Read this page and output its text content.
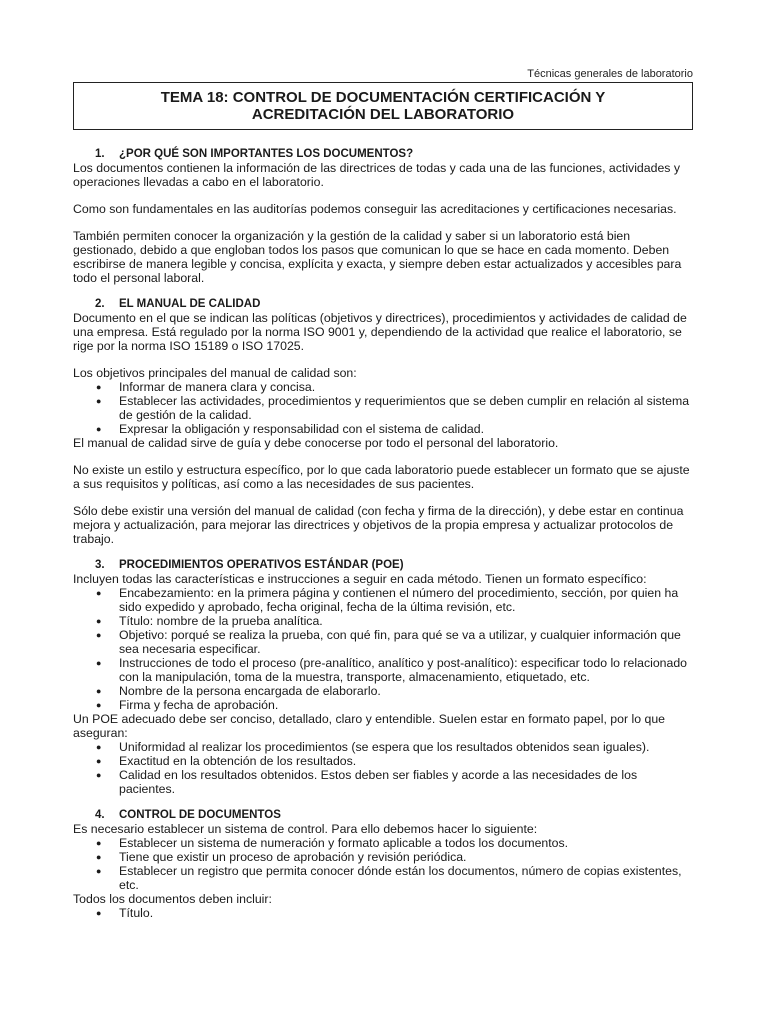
Técnicas generales de laboratorio
TEMA 18: CONTROL DE DOCUMENTACIÓN CERTIFICACIÓN Y
ACREDITACIÓN DEL LABORATORIO
1. ¿POR QUÉ SON IMPORTANTES LOS DOCUMENTOS?

Los documentos contienen la información de las directrices de todas y cada una de las funciones, actividades y operaciones llevadas a cabo en el laboratorio.

Como son fundamentales en las auditorías podemos conseguir las acreditaciones y certificaciones necesarias.

También permiten conocer la organización y la gestión de la calidad y saber si un laboratorio está bien gestionado, debido a que engloban todos los pasos que comunican lo que se hace en cada momento. Deben escribirse de manera legible y concisa, explícita y exacta, y siempre deben estar actualizados y accesibles para todo el personal laboral.

2. EL MANUAL DE CALIDAD

Documento en el que se indican las políticas (objetivos y directrices), procedimientos y actividades de calidad de una empresa. Está regulado por la norma ISO 9001 y, dependiendo de la actividad que realice el laboratorio, se rige por la norma ISO 15189 o ISO 17025.

Los objetivos principales del manual de calidad son:

● Informar de manera clara y concisa.
● Establecer las actividades, procedimientos y requerimientos que se deben cumplir en relación al sistema de gestión de la calidad.
● Expresar la obligación y responsabilidad con el sistema de calidad.

El manual de calidad sirve de guía y debe conocerse por todo el personal del laboratorio.

No existe un estilo y estructura específico, por lo que cada laboratorio puede establecer un formato que se ajuste a sus requisitos y políticas, así como a las necesidades de sus pacientes.

Sólo debe existir una versión del manual de calidad (con fecha y firma de la dirección), y debe estar en continua mejora y actualización, para mejorar las directrices y objetivos de la propia empresa y actualizar protocolos de trabajo.

3. PROCEDIMIENTOS OPERATIVOS ESTÁNDAR (POE)

Incluyen todas las características e instrucciones a seguir en cada método. Tienen un formato específico:

● Encabezamiento: en la primera página y contienen el número del procedimiento, sección, por quien ha sido expedido y aprobado, fecha original, fecha de la última revisión, etc.
● Título: nombre de la prueba analítica.
● Objetivo: porqué se realiza la prueba, con qué fin, para qué se va a utilizar, y cualquier información que sea necesaria especificar.
● Instrucciones de todo el proceso (pre-analítico, analítico y post-analítico): especificar todo lo relacionado con la manipulación, toma de la muestra, transporte, almacenamiento, etiquetado, etc.
● Nombre de la persona encargada de elaborarlo.
● Firma y fecha de aprobación.

Un POE adecuado debe ser conciso, detallado, claro y entendible. Suelen estar en formato papel, por lo que aseguran:

● Uniformidad al realizar los procedimientos (se espera que los resultados obtenidos sean iguales).
● Exactitud en la obtención de los resultados.
● Calidad en los resultados obtenidos. Estos deben ser fiables y acorde a las necesidades de los pacientes.
4. CONTROL DE DOCUMENTOS

Es necesario establecer un sistema de control. Para ello debemos hacer lo siguiente:

● Establecer un sistema de numeración y formato aplicable a todos los documentos.
● Tiene que existir un proceso de aprobación y revisión periódica.
● Establecer un registro que permita conocer dónde están los documentos, número de copias existentes, etc.

Todos los documentos deben incluir:

● Título.
